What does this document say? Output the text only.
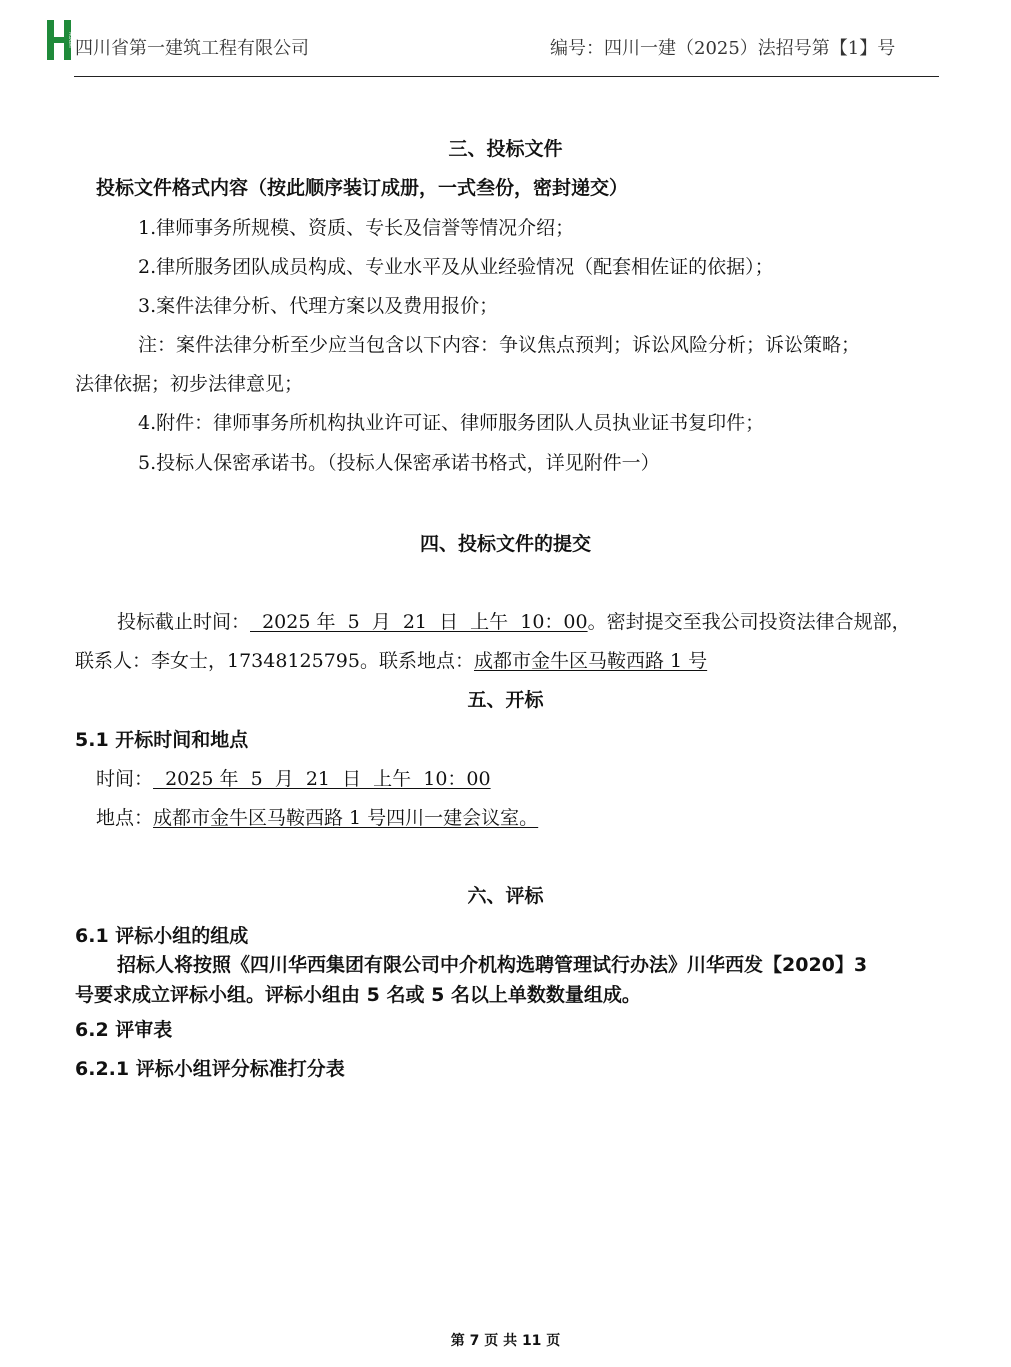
HUASHI 四川省第一建筑工程有限公司	编号：四川一建（2025）法招号第【1】号
三、投标文件
投标文件格式内容（按此顺序装订成册，一式叁份，密封递交）
1.律师事务所规模、资质、专长及信誉等情况介绍；
2.律所服务团队成员构成、专业水平及从业经验情况（配套相佐证的依据）；
3.案件法律分析、代理方案以及费用报价；
注：案件法律分析至少应当包含以下内容：争议焦点预判；诉讼风险分析；诉讼策略；
法律依据；初步法律意见；
4.附件：律师事务所机构执业许可证、律师服务团队人员执业证书复印件；
5.投标人保密承诺书。（投标人保密承诺书格式，详见附件一）
四、投标文件的提交
投标截止时间：  2025 年  5  月  21  日  上午  10：00。密封提交至我公司投资法律合规部，
联系人：李女士，17348125795。联系地点：成都市金牛区马鞍西路 1 号
五、开标
5.1 开标时间和地点
时间：  2025 年  5  月  21  日  上午  10：00
地点：成都市金牛区马鞍西路 1 号四川一建会议室。
六、评标
6.1 评标小组的组成
招标人将按照《四川华西集团有限公司中介机构选聘管理试行办法》川华西发【2020】3
号要求成立评标小组。评标小组由 5 名或 5 名以上单数数量组成。
6.2 评审表
6.2.1 评标小组评分标准打分表
第 7 页 共 11 页
